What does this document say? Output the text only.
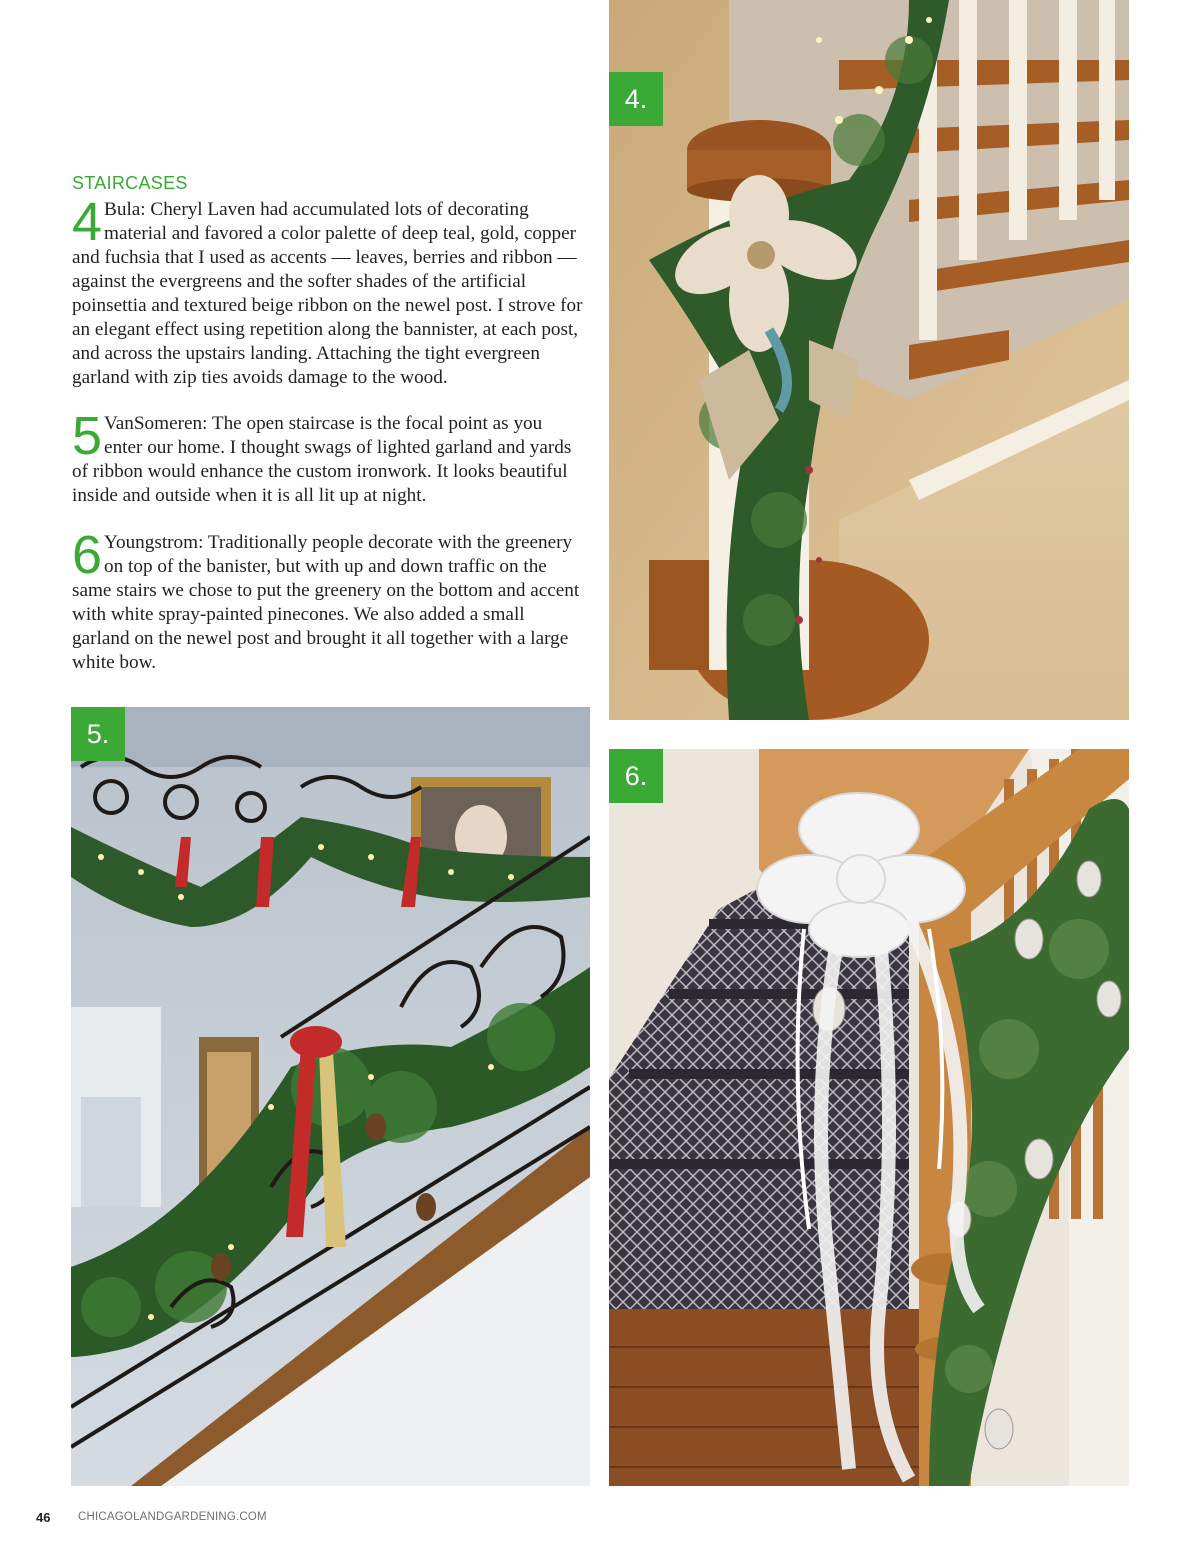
STAIRCASES
4 Bula: Cheryl Laven had accumulated lots of decorating material and favored a color palette of deep teal, gold, copper and fuchsia that I used as accents — leaves, berries and ribbon — against the evergreens and the softer shades of the artificial poinsettia and textured beige ribbon on the newel post. I strove for an elegant effect using repetition along the bannister, at each post, and across the upstairs landing. Attaching the tight evergreen garland with zip ties avoids damage to the wood.
5 VanSomeren: The open staircase is the focal point as you enter our home. I thought swags of lighted garland and yards of ribbon would enhance the custom ironwork. It looks beautiful inside and outside when it is all lit up at night.
6 Youngstrom: Traditionally people decorate with the greenery on top of the banister, but with up and down traffic on the same stairs we chose to put the greenery on the bottom and accent with white spray-painted pinecones. We also added a small garland on the newel post and brought it all together with a large white bow.
4.
5.
6.
46 CHICAGOLANDGARDENING.COM
